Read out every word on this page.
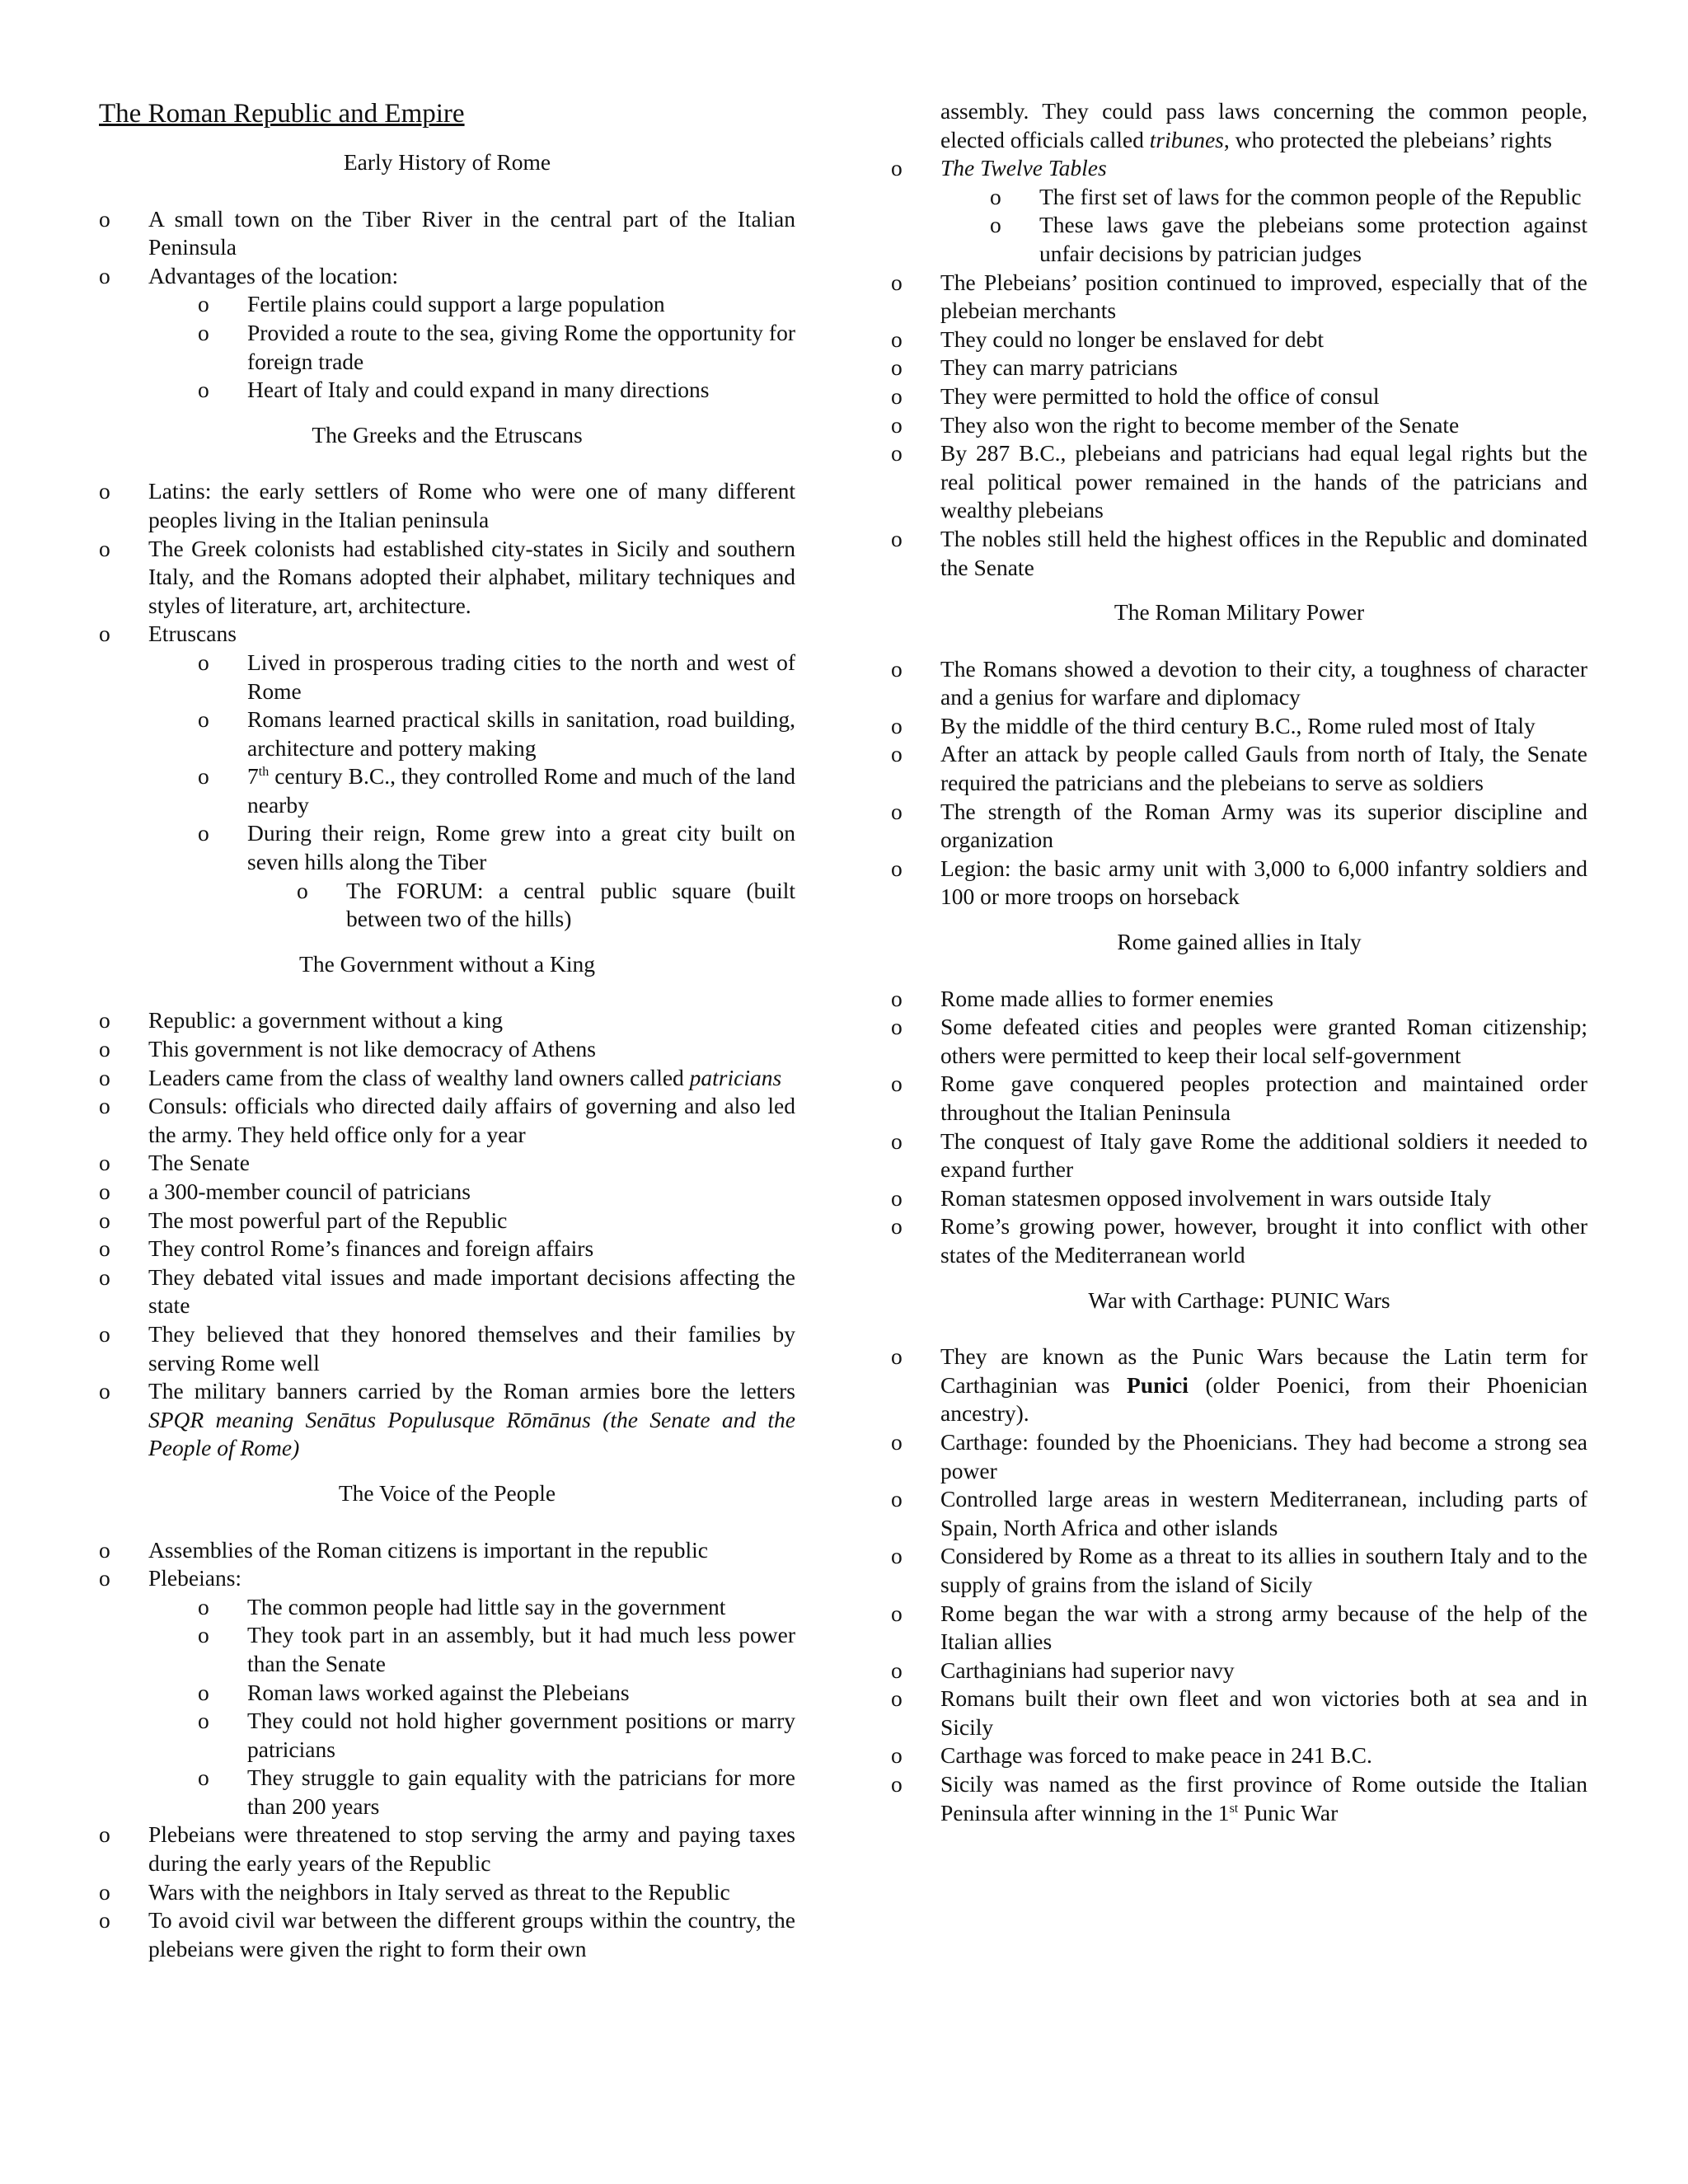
The Roman Republic and Empire
Early History of Rome

o	A small town on the Tiber River in the central part of the Italian Peninsula

o	Advantages of the location:

o	Fertile plains could support a large population

o	Provided a route to the sea, giving Rome the opportunity for foreign trade

o	Heart of Italy and could expand in many directions

The Greeks and the Etruscans

o	Latins: the early settlers of Rome who were one of many different peoples living in the Italian peninsula

o	The Greek colonists had established city-states in Sicily and southern Italy, and the Romans adopted their alphabet, military techniques and styles of literature, art, architecture.

o	Etruscans

o	Lived in prosperous trading cities to the north and west of Rome

o	Romans learned practical skills in sanitation, road building, architecture and pottery making

o	7th century B.C., they controlled Rome and much of the land nearby

o	During their reign, Rome grew into a great city built on seven hills along the Tiber

o	The FORUM: a central public square (built between two of the hills)

The Government without a King

o	Republic: a government without a king

o	This government is not like democracy of Athens

o	Leaders came from the class of wealthy land owners called patricians

o	Consuls: officials who directed daily affairs of governing and also led the army. They held office only for a year

o	The Senate

o	a 300-member council of patricians

o	The most powerful part of the Republic

o	They control Rome’s finances and foreign affairs

o	They debated vital issues and made important decisions affecting the state

o	They believed that they honored themselves and their families by serving Rome well

o	The military banners carried by the Roman armies bore the letters SPQR meaning Senātus Populusque Rōmānus (the Senate and the People of Rome)

The Voice of the People

o	Assemblies of the Roman citizens is important in the republic

o	Plebeians:

o	The common people had little say in the government

o	They took part in an assembly, but it had much less power than the Senate

o	Roman laws worked against the Plebeians

o	They could not hold higher government positions or marry patricians

o	They struggle to gain equality with the patricians for more than 200 years

o	Plebeians were threatened to stop serving the army and paying taxes during the early years of the Republic

o	Wars with the neighbors in Italy served as threat to the Republic

o	To avoid civil war between the different groups within the country, the plebeians were given the right to form their own

assembly. They could pass laws concerning the common people, elected officials called tribunes, who protected the plebeians’ rights

o	The Twelve Tables

o	The first set of laws for the common people of the Republic

o	These laws gave the plebeians some protection against unfair decisions by patrician judges

o	The Plebeians’ position continued to improved, especially that of the plebeian merchants

o	They could no longer be enslaved for debt

o	They can marry patricians

o	They were permitted to hold the office of consul

o	They also won the right to become member of the Senate

o	By 287 B.C., plebeians and patricians had equal legal rights but the real political power remained in the hands of the patricians and wealthy plebeians

o	The nobles still held the highest offices in the Republic and dominated the Senate

The Roman Military Power

o	The Romans showed a devotion to their city, a toughness of character and a genius for warfare and diplomacy

o	By the middle of the third century B.C., Rome ruled most of Italy

o	After an attack by people called Gauls from north of Italy, the Senate required the patricians and the plebeians to serve as soldiers

o	The strength of the Roman Army was its superior discipline and organization

o	Legion: the basic army unit with 3,000 to 6,000 infantry soldiers and 100 or more troops on horseback

Rome gained allies in Italy

o	Rome made allies to former enemies

o	Some defeated cities and peoples were granted Roman citizenship; others were permitted to keep their local self-government

o	Rome gave conquered peoples protection and maintained order throughout the Italian Peninsula

o	The conquest of Italy gave Rome the additional soldiers it needed to expand further

o	Roman statesmen opposed involvement in wars outside Italy

o	Rome’s growing power, however, brought it into conflict with other states of the Mediterranean world

War with Carthage: PUNIC Wars

o	They are known as the Punic Wars because the Latin term for Carthaginian was Punici (older Poenici, from their Phoenician ancestry).

o	Carthage: founded by the Phoenicians. They had become a strong sea power

o	Controlled large areas in western Mediterranean, including parts of Spain, North Africa and other islands

o	Considered by Rome as a threat to its allies in southern Italy and to the supply of grains from the island of Sicily

o	Rome began the war with a strong army because of the help of the Italian allies

o	Carthaginians had superior navy

o	Romans built their own fleet and won victories both at sea and in Sicily

o	Carthage was forced to make peace in 241 B.C.

o	Sicily was named as the first province of Rome outside the Italian Peninsula after winning in the 1st Punic War
